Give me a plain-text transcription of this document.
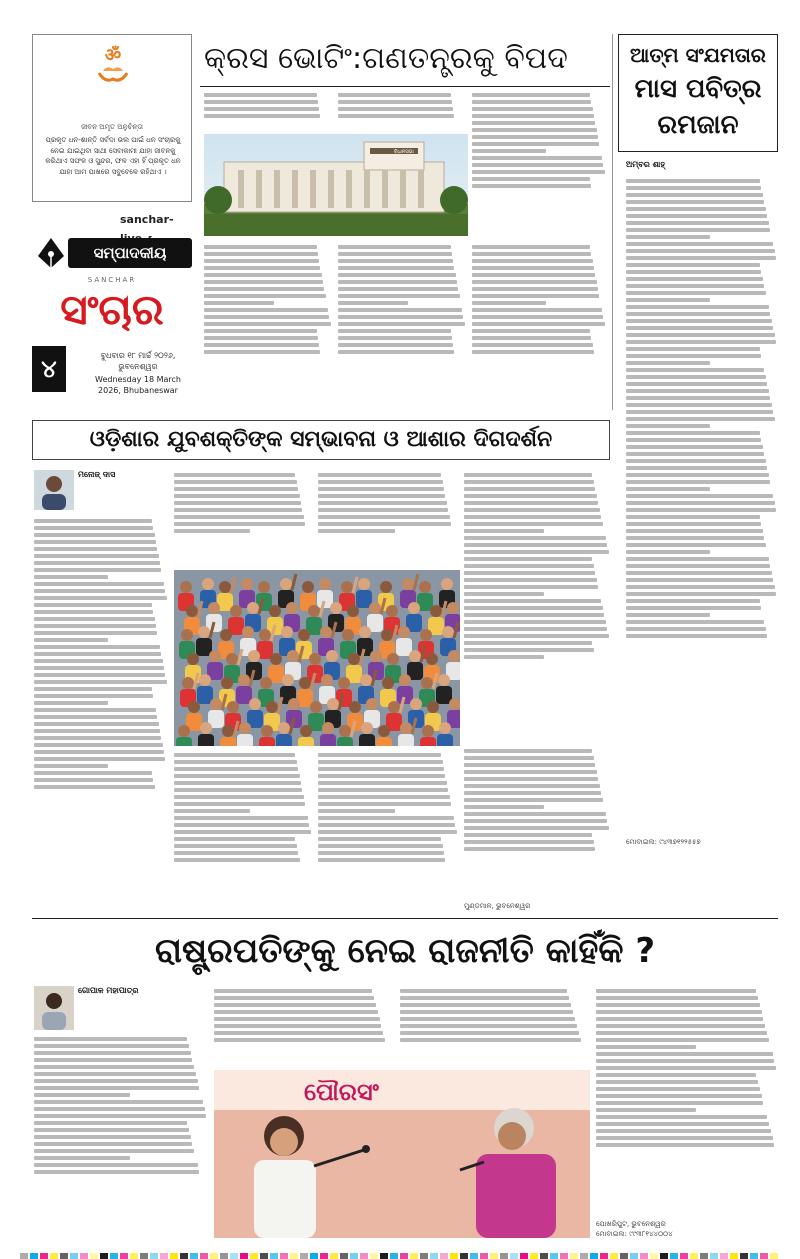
ॐ
ଜୀବନ ଅମୃତ ଅନୁଚିନ୍ତା
ପ୍ରକୃତ ଧନ-ଶାନ୍ତି ସର୍ବଦା ଭଲ ପାଇଁ ଧନ ସଂଚାରକୁ ନେଇ ଯାଇଥିବା ସାଥୀ ସେବାକାମୀ ଯାହା ଜୀବନକୁ କରିଥାଏ ସଫଳ ଓ ସୁନ୍ଦର, ଫଳ ଏହା ହିଁ ପ୍ରକୃତ ଧନ ଯାହା ଆମ ପାଖରେ ସବୁବେଳେ ରହିଥାଏ ।
sanchar-
ସମ୍ପାଦକୀୟ
SANCHAR
ସଂଚାର
୪	ବୁଧବାର ୧୮ ମାର୍ଚ୍ଚ ୨୦୨୬, ଭୁବନେଶ୍ୱର
Wednesday 18 March 2026, Bhubaneswar
କ୍ରସ ଭୋଟିଂ:ଗଣତନ୍ତ୍ରକୁ ବିପଦ
ବିଧାନସଭା
ଆତ୍ମ ସଂଯମତାର
ମାସ ପବିତ୍ର
ରମଜାନ
ଅମ୍ବର ଶାହ୍
ମୋବାଇଲ: ୯୪୩୭୧୨୨୫୫୭
ଓଡ଼ିଶାର ଯୁବଶକ୍ତିଙ୍କ ସମ୍ଭାବନା ଓ ଆଶାର ଦିଗଦର୍ଶନ
ମନୋଜ୍ ଦାସ
ମୁଣ୍ଡମାଳ, ଭୁବନେଶ୍ୱର
ରାଷ୍ଟ୍ରପତିଙ୍କୁ ନେଇ ରାଜନୀତି କାହିଁକି ?
ଗୋପାଳ ମହାପାତ୍ର
ପୋଖରିପୁଟ, ଭୁବନେଶ୍ୱର
ମୋବାଇଲ: ୯୯୩୮୧୪୪୦୦୪
ପୌରସଂ
